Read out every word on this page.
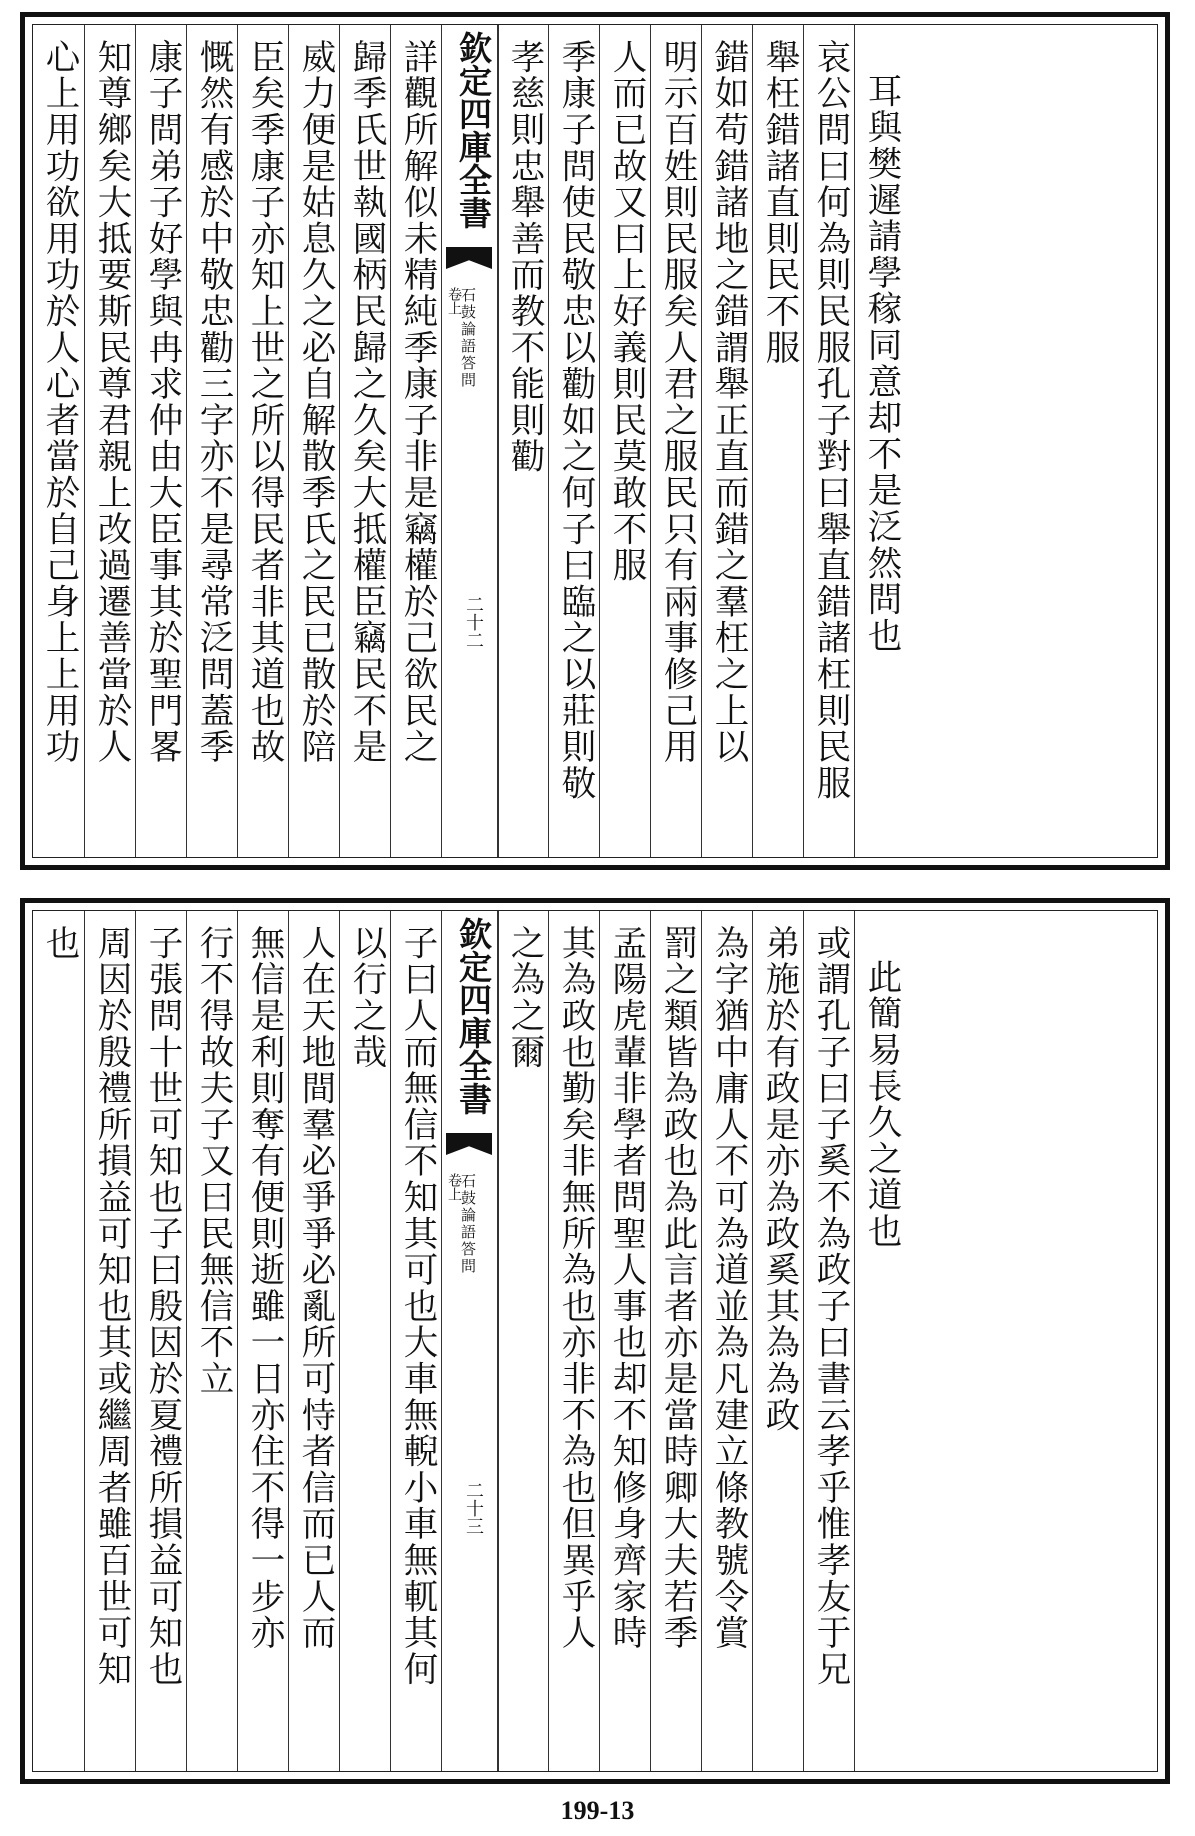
心上用功欲用功於人心者當於自己身上上用功 知尊鄉矣大抵要斯民尊君親上改過遷善當於人 康子問弟子好學與冉求仲由大臣事其於聖門畧 慨然有感於中敬忠勸三字亦不是尋常泛問蓋季 臣矣季康子亦知上世之所以得民者非其道也故 威力便是姑息久之必自解散季氏之民已散於陪 歸季氏世執國柄民歸之久矣大抵權臣竊民不是 詳觀所解似未精純季康子非是竊權於己欲民之 欽定四庫全書
卷上
石鼓論語答問
二十二
孝慈則忠舉善而教不能則勸 季康子問使民敬忠以勸如之何子曰臨之以莊則敬 人而已故又曰上好義則民莫敢不服 明示百姓則民服矣人君之服民只有兩事修己用 錯如苟錯諸地之錯謂舉正直而錯之羣枉之上以 舉枉錯諸直則民不服 哀公問曰何為則民服孔子對曰舉直錯諸枉則民服 耳與樊遲請學稼同意却不是泛然問也
也 周因於殷禮所損益可知也其或繼周者雖百世可知 子張問十世可知也子曰殷因於夏禮所損益可知也 行不得故夫子又曰民無信不立 無信是利則奪有便則逝雖一日亦住不得一步亦 人在天地間羣必爭爭必亂所可恃者信而已人而 以行之哉 子曰人而無信不知其可也大車無輗小車無軏其何 欽定四庫全書
卷上
石鼓論語答問
二十三
之為之爾 其為政也勤矣非無所為也亦非不為也但異乎人 孟陽虎輩非學者問聖人事也却不知修身齊家時 罰之類皆為政也為此言者亦是當時卿大夫若季 為字猶中庸人不可為道並為凡建立條教號令賞 弟施於有政是亦為政奚其為為政 或謂孔子曰子奚不為政子曰書云孝乎惟孝友于兄 此簡易長久之道也
199-13
